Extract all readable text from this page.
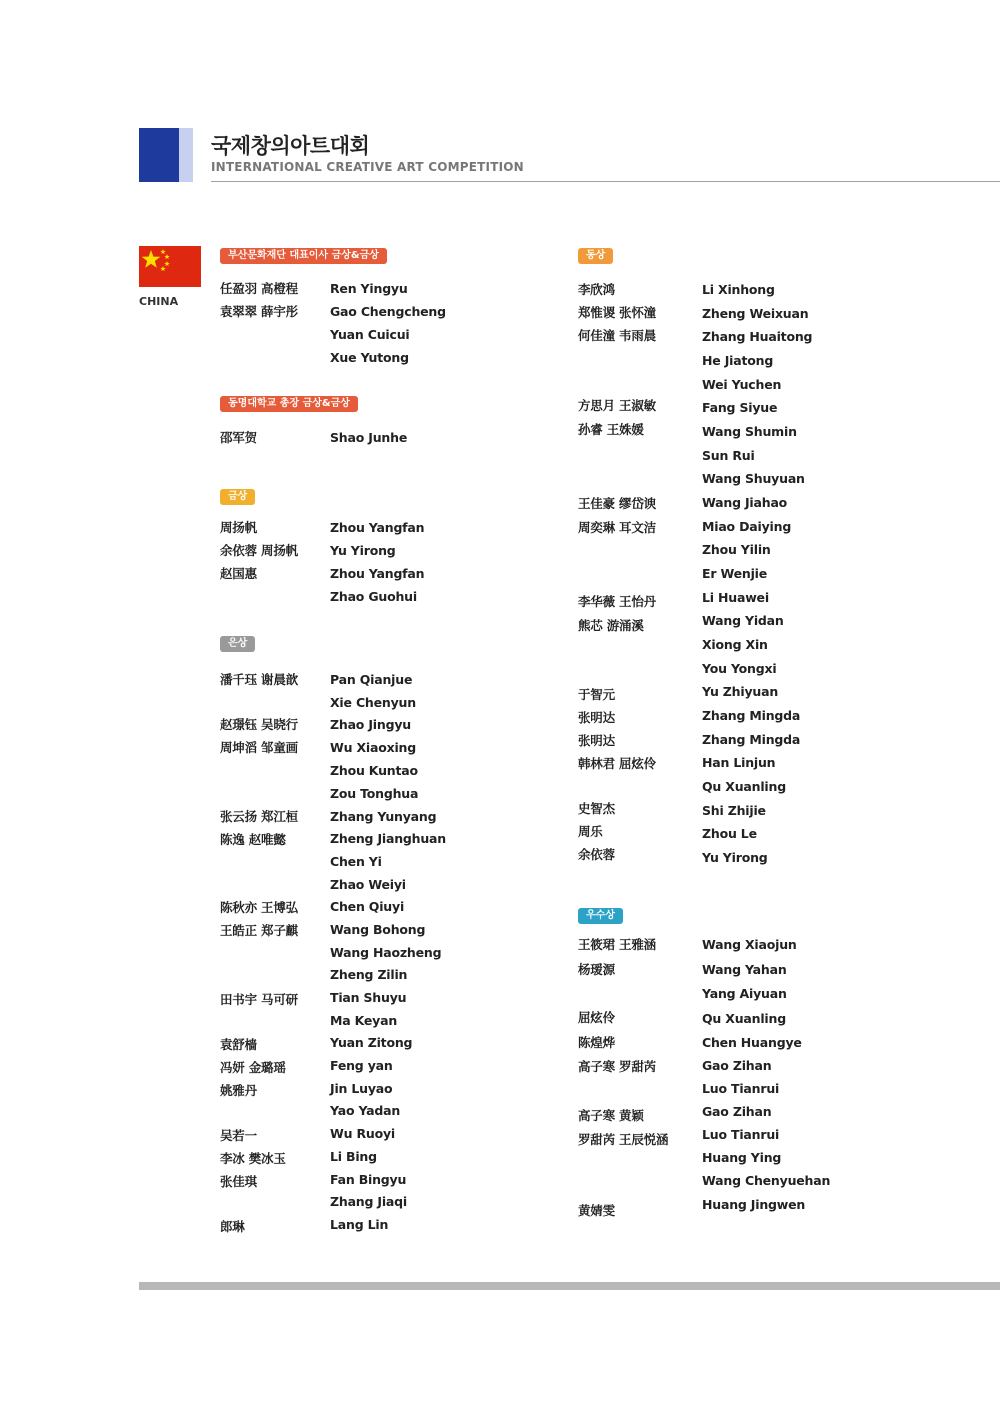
국제창의아트대회
INTERNATIONAL CREATIVE ART COMPETITION
CHINA
부산문화재단 대표이사 금상&금상
任盈羽 高橙程
袁翠翠 薛宇彤
Ren Yingyu
Gao Chengcheng
Yuan Cuicui
Xue Yutong
동명대학교 총장 금상&금상
邵军贺	Shao Junhe
금상
周扬帆
余依蓉 周扬帆
赵国惠
Zhou Yangfan
Yu Yirong
Zhou Yangfan
Zhao Guohui
은상
潘千珏 谢晨歆
赵璟钰 吴晓行
周坤滔 邹童画
张云扬 郑江桓
陈逸 赵唯懿
陈秋亦 王博弘
王皓正 郑子麒
田书宇 马可研
袁舒樯
冯妍 金璐瑶
姚雅丹
吴若一
李冰 樊冰玉
张佳琪
郎琳
Pan Qianjue
Xie Chenyun
Zhao Jingyu
Wu Xiaoxing
Zhou Kuntao
Zou Tonghua
Zhang Yunyang
Zheng Jianghuan
Chen Yi
Zhao Weiyi
Chen Qiuyi
Wang Bohong
Wang Haozheng
Zheng Zilin
Tian Shuyu
Ma Keyan
Yuan Zitong
Feng yan
Jin Luyao
Yao Yadan
Wu Ruoyi
Li Bing
Fan Bingyu
Zhang Jiaqi
Lang Lin
동상
李欣鸿
郑惟谡 张怀潼
何佳潼 韦雨晨
方思月 王淑敏
孙睿 王姝媛
王佳豪 缪岱谀
周奕琳 耳文洁
李华薇 王怡丹
熊芯 游涌溪
于智元
张明达
张明达
韩林君 屈炫伶
史智杰
周乐
余依蓉
Li Xinhong
Zheng Weixuan
Zhang Huaitong
He Jiatong
Wei Yuchen
Fang Siyue
Wang Shumin
Sun Rui
Wang Shuyuan
Wang Jiahao
Miao Daiying
Zhou Yilin
Er Wenjie
Li Huawei
Wang Yidan
Xiong Xin
You Yongxi
Yu Zhiyuan
Zhang Mingda
Zhang Mingda
Han Linjun
Qu Xuanling
Shi Zhijie
Zhou Le
Yu Yirong
우수상
王筱珺 王雅涵
杨瑷源
屈炫伶
陈煌烨
高子寒 罗甜芮
高子寒 黄颖
罗甜芮 王辰悦涵
黄婧雯
Wang Xiaojun
Wang Yahan
Yang Aiyuan
Qu Xuanling
Chen Huangye
Gao Zihan
Luo Tianrui
Gao Zihan
Luo Tianrui
Huang Ying
Wang Chenyuehan
Huang Jingwen
